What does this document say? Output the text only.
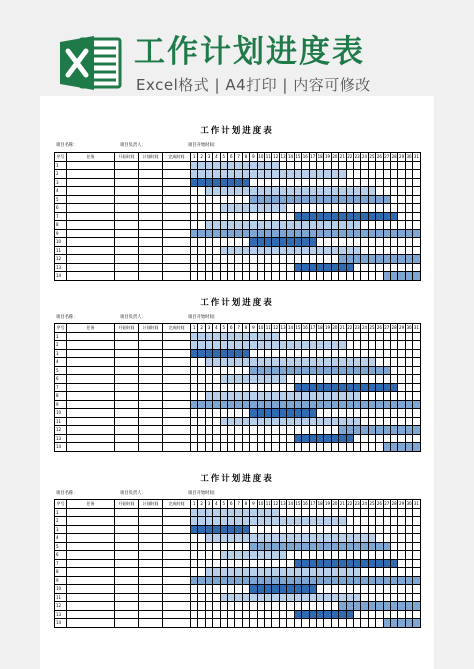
工作计划进度表
Excel格式 | A4打印 | 内容可修改
工作计划进度表
项目名称：	项目负责人：	项目开始时间：
序号	任务	开始时间	计划时间	完成时间	1	2	3	4	5	6	7	8	9	10	11	12	13	14	15	16	17	18	19	20	21	22	23	24	25	26	27	28	29	30	31
1																																			
2																																			
3																																			
4																																			
5																																			
6																																			
7																																			
8																																			
9																																			
10																																			
11																																			
12																																			
13																																			
14																																			
工作计划进度表
项目名称：	项目负责人：	项目开始时间：
序号	任务	开始时间	计划时间	完成时间	1	2	3	4	5	6	7	8	9	10	11	12	13	14	15	16	17	18	19	20	21	22	23	24	25	26	27	28	29	30	31
1																																			
2																																			
3																																			
4																																			
5																																			
6																																			
7																																			
8																																			
9																																			
10																																			
11																																			
12																																			
13																																			
14																																			
工作计划进度表
项目名称：	项目负责人：	项目开始时间：
序号	任务	开始时间	计划时间	完成时间	1	2	3	4	5	6	7	8	9	10	11	12	13	14	15	16	17	18	19	20	21	22	23	24	25	26	27	28	29	30	31
1																																			
2																																			
3																																			
4																																			
5																																			
6																																			
7																																			
8																																			
9																																			
10																																			
11																																			
12																																			
13																																			
14																																			
